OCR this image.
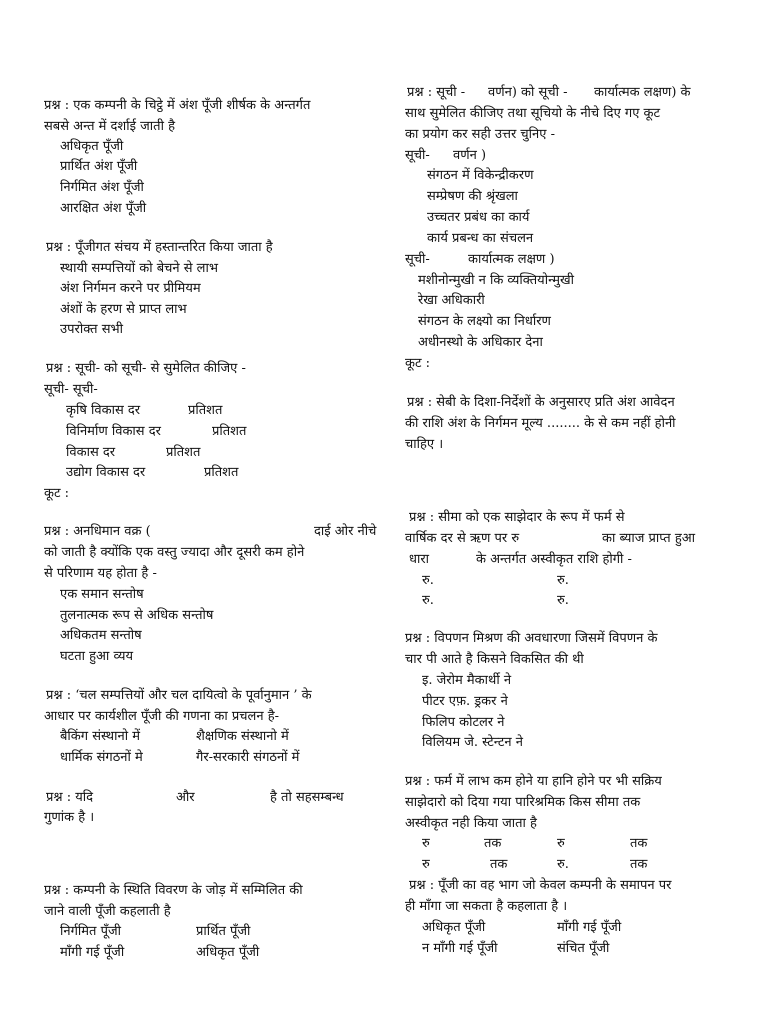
प्रश्न : एक कम्पनी के चिट्ठे में अंश पूँजी शीर्षक के अन्तर्गत
सबसे अन्त में दर्शाई जाती है
अधिकृत पूँजी
प्रार्थित अंश पूँजी
निर्गमित अंश पूँजी
आरक्षित अंश पूँजी
प्रश्न : पूँजीगत संचय में हस्तान्तरित किया जाता है
स्थायी सम्पत्तियों को बेचने से लाभ
अंश निर्गमन करने पर प्रीमियम
अंशों के हरण से प्राप्त लाभ
उपरोक्त सभी
प्रश्न : सूची- को सूची- से सुमेलित कीजिए -
सूची- सूची-
कृषि विकास दर	प्रतिशत
विनिर्माण विकास दर	प्रतिशत
विकास दर	प्रतिशत
उद्योग विकास दर	प्रतिशत
कूट :
प्रश्न : अनधिमान वक्र (	दाई ओर नीचे
को जाती है क्योंकि एक वस्तु ज्यादा और दूसरी कम होने
से परिणाम यह होता है -
एक समान सन्तोष
तुलनात्मक रूप से अधिक सन्तोष
अधिकतम सन्तोष
घटता हुआ व्यय
प्रश्न : ‘चल सम्पत्तियों और चल दायित्वो के पूर्वानुमान ’ के
आधार पर कार्यशील पूँजी की गणना का प्रचलन है-
बैकिंग संस्थानो में	शैक्षणिक संस्थानो में
धार्मिक संगठनों मे	गैर-सरकारी संगठनों में
प्रश्न : यदि	और	है तो सहसम्बन्ध
गुणांक है ।
प्रश्न : कम्पनी के स्थिति विवरण के जोड़ में सम्मिलित की
जाने वाली पूँजी कहलाती है
निर्गमित पूँजी	प्रार्थित पूँजी
माँगी गई पूँजी	अधिकृत पूँजी
प्रश्न : सूची - वर्णन) को सूची - कार्यात्मक लक्षण) के
साथ सुमेलित कीजिए तथा सूचियो के नीचे दिए गए कूट
का प्रयोग कर सही उत्तर चुनिए -
सूची- वर्णन )
संगठन में विकेन्द्रीकरण
सम्प्रेषण की श्रृंखला
उच्चतर प्रबंध का कार्य
कार्य प्रबन्ध का संचलन
सूची-	कार्यात्मक लक्षण )
मशीनोन्मुखी न कि व्यक्तियोन्मुखी
रेखा अधिकारी
संगठन के लक्ष्यो का निर्धारण
अधीनस्थो के अधिकार देना
कूट :
प्रश्न : सेबी के दिशा-निर्देशों के अनुसारए प्रति अंश आवेदन
की राशि अंश के निर्गमन मूल्य ........ के से कम नहीं होनी
चाहिए ।
प्रश्न : सीमा को एक साझेदार के रूप में फर्म से
वार्षिक दर से ऋण पर रु	का ब्याज प्राप्त हुआ
धारा	के अन्तर्गत अस्वीकृत राशि होगी -
रु.	रु.
रु.	रु.
प्रश्न : विपणन मिश्रण की अवधारणा जिसमें विपणन के
चार पी आते है किसने विकसित की थी
इ. जेरोम मैकार्थी ने
पीटर एफ़. ड्रकर ने
फिलिप कोटलर ने
विलियम जे. स्टेन्टन ने
प्रश्न : फर्म में लाभ कम होने या हानि होने पर भी सक्रिय
साझेदारो को दिया गया पारिश्रमिक किस सीमा तक
अस्वीकृत नही किया जाता है
रु	तक	रु	तक
रु	तक	रु.	तक
प्रश्न : पूँजी का वह भाग जो केवल कम्पनी के समापन पर
ही माँगा जा सकता है कहलाता है ।
अधिकृत पूँजी	माँगी गई पूँजी
न माँगी गई पूँजी	संचित पूँजी
